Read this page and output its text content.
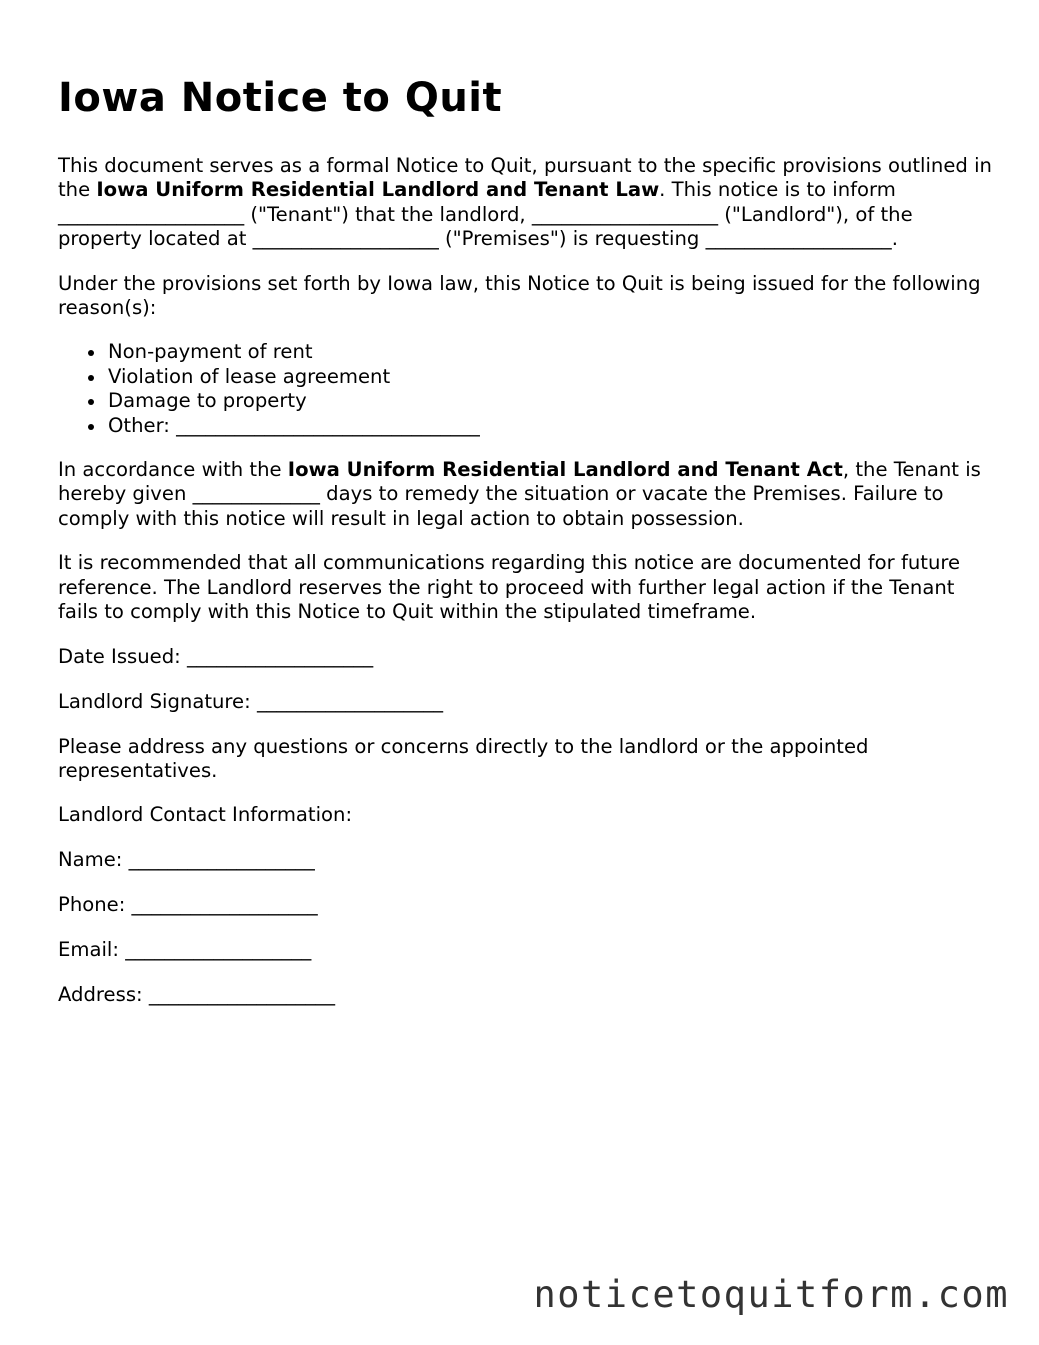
Iowa Notice to Quit

This document serves as a formal Notice to Quit, pursuant to the specific provisions outlined in the Iowa Uniform Residential Landlord and Tenant Law. This notice is to inform ___________________ ("Tenant") that the landlord, ___________________ ("Landlord"), of the property located at ___________________ ("Premises") is requesting ___________________.

Under the provisions set forth by Iowa law, this Notice to Quit is being issued for the following reason(s):

Non-payment of rent
Violation of lease agreement
Damage to property
Other: _______________________________

In accordance with the Iowa Uniform Residential Landlord and Tenant Act, the Tenant is hereby given _____________ days to remedy the situation or vacate the Premises. Failure to comply with this notice will result in legal action to obtain possession.

It is recommended that all communications regarding this notice are documented for future reference. The Landlord reserves the right to proceed with further legal action if the Tenant fails to comply with this Notice to Quit within the stipulated timeframe.

Date Issued: ___________________

Landlord Signature: ___________________

Please address any questions or concerns directly to the landlord or the appointed representatives.

Landlord Contact Information:

Name: ___________________

Phone: ___________________

Email: ___________________

Address: ___________________

noticetoquitform.com
